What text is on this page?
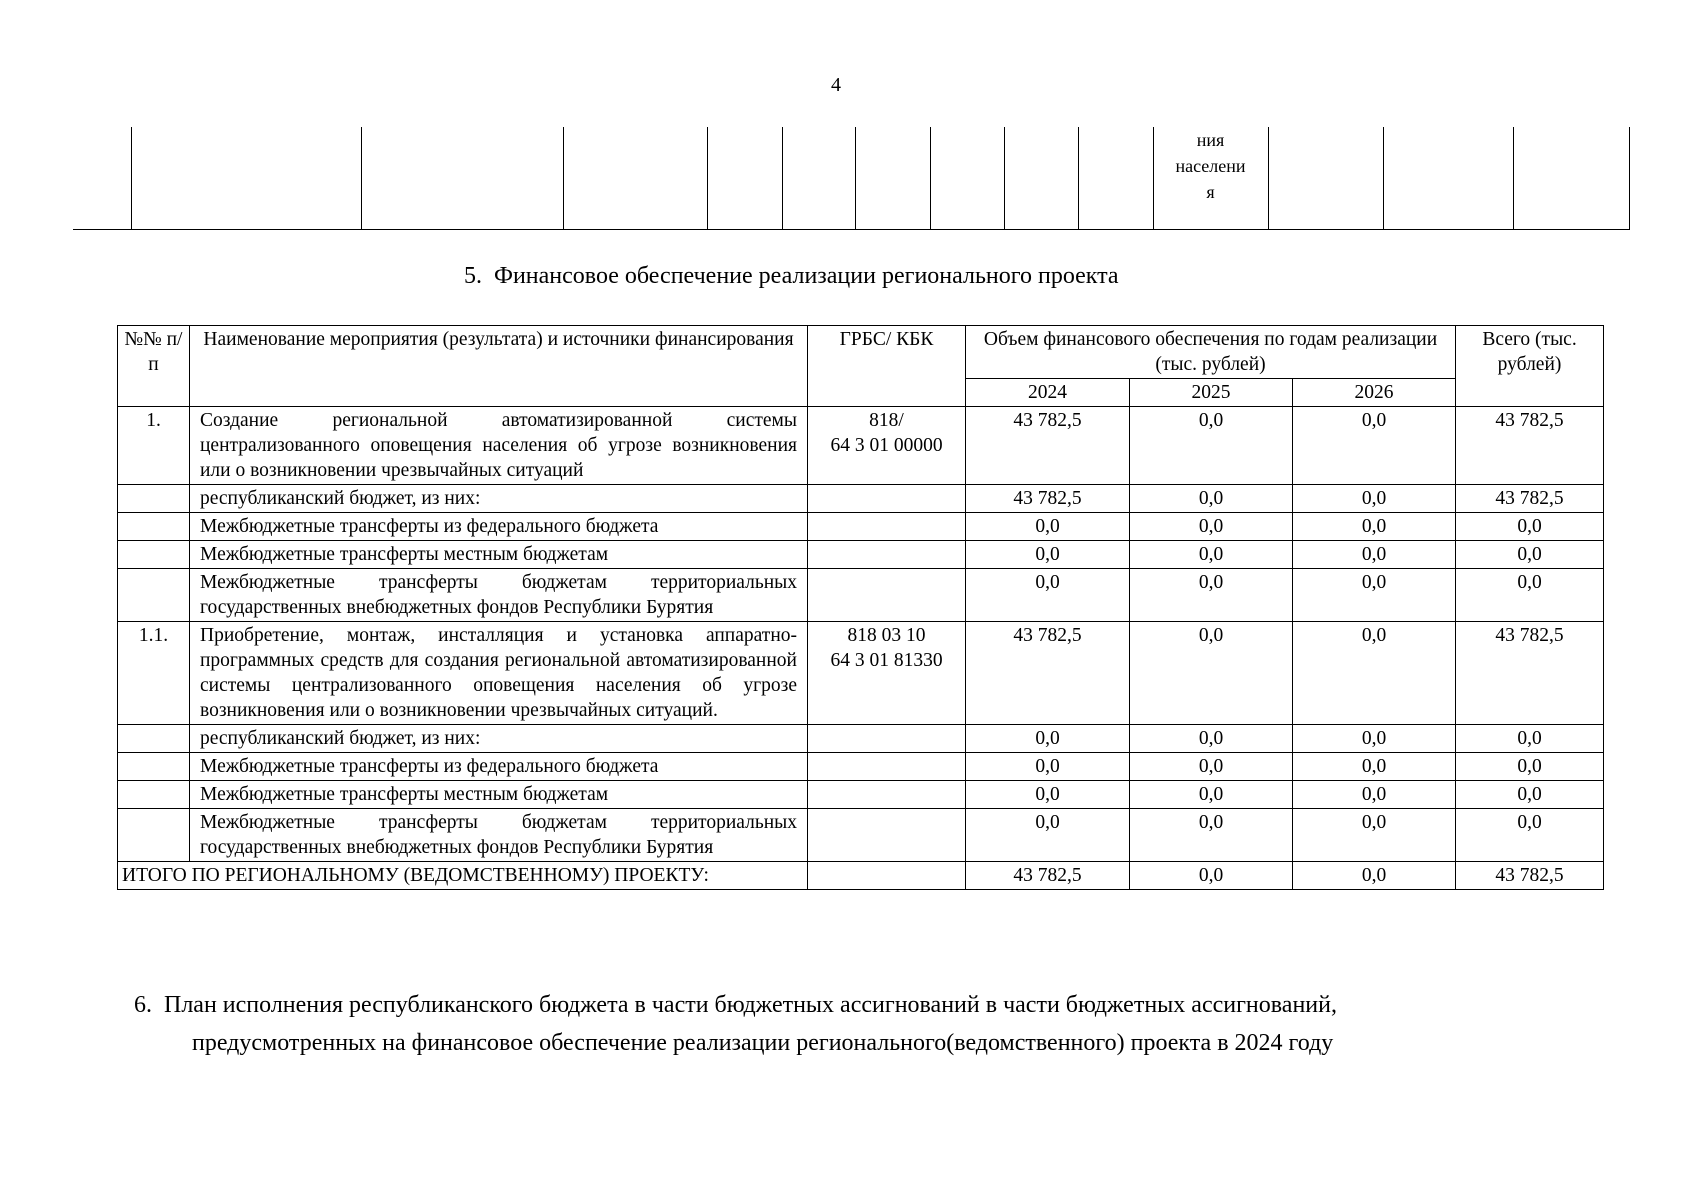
4
										ния
населени
я			
5. Финансовое обеспечение реализации регионального проекта
№№ п/п	Наименование мероприятия (результата) и источники финансирования	ГРБС/ КБК	Объем финансового обеспечения по годам реализации (тыс. рублей)			Всего (тыс. рублей)
			2024	2025	2026	
1.	Создание региональной автоматизированной системы централизованного оповещения населения об угрозе возникновения или о возникновении чрезвычайных ситуаций	818/
64 3 01 00000	43 782,5	0,0	0,0	43 782,5
	республиканский бюджет, из них:		43 782,5	0,0	0,0	43 782,5
	Межбюджетные трансферты из федерального бюджета		0,0	0,0	0,0	0,0
	Межбюджетные трансферты местным бюджетам		0,0	0,0	0,0	0,0
	Межбюджетные трансферты бюджетам территориальных государственных внебюджетных фондов Республики Бурятия		0,0	0,0	0,0	0,0
1.1.	Приобретение, монтаж, инсталляция и установка аппаратно-программных средств для создания региональной автоматизированной системы централизованного оповещения населения об угрозе возникновения или о возникновении чрезвычайных ситуаций.	818 03 10
64 3 01 81330	43 782,5	0,0	0,0	43 782,5
	республиканский бюджет, из них:		0,0	0,0	0,0	0,0
	Межбюджетные трансферты из федерального бюджета		0,0	0,0	0,0	0,0
	Межбюджетные трансферты местным бюджетам		0,0	0,0	0,0	0,0
	Межбюджетные трансферты бюджетам территориальных государственных внебюджетных фондов Республики Бурятия		0,0	0,0	0,0	0,0
ИТОГО ПО РЕГИОНАЛЬНОМУ (ВЕДОМСТВЕННОМУ) ПРОЕКТУ:			43 782,5	0,0	0,0	43 782,5
6. План исполнения республиканского бюджета в части бюджетных ассигнований в части бюджетных ассигнований,
предусмотренных на финансовое обеспечение реализации регионального(ведомственного) проекта в 2024 году
